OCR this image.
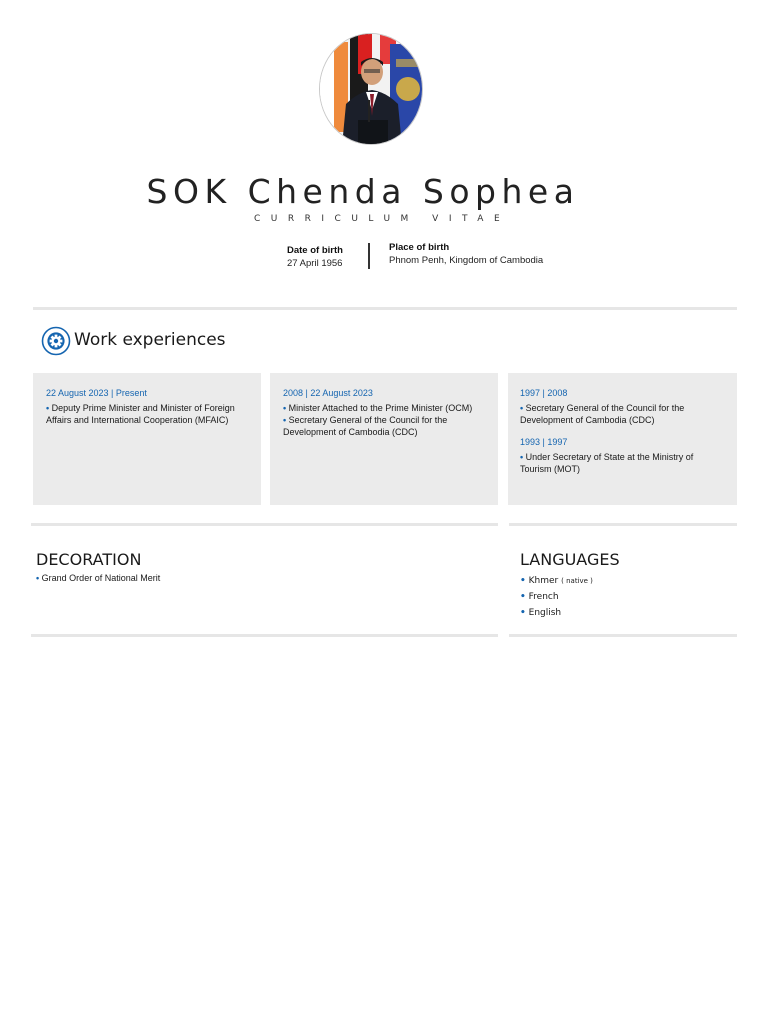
SOK Chenda Sophea
CURRICULUM VITAE
Date of birth
27 April 1956
Place of birth
Phnom Penh, Kingdom of Cambodia
Work experiences
22 August 2023 | Present
• Deputy Prime Minister and Minister of Foreign Affairs and International Cooperation (MFAIC)
2008 | 22 August 2023
• Minister Attached to the Prime Minister (OCM)
• Secretary General of the Council for the Development of Cambodia (CDC)
1997 | 2008
• Secretary General of the Council for the Development of Cambodia (CDC)
1993 | 1997
• Under Secretary of State at the Ministry of Tourism (MOT)
DECORATION
• Grand Order of National Merit
LANGUAGES
• Khmer ( native )
• French
• English
